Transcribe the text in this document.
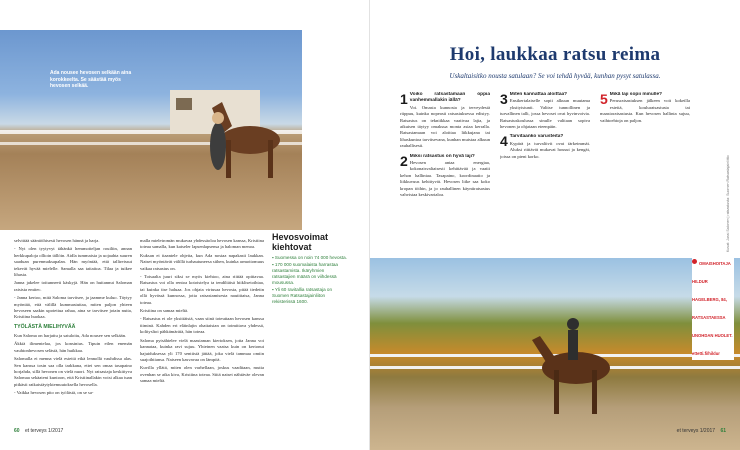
Ada nousee hevosen selkään aina korokkeelta. Se säästää myös hevosen selkää.

selvittää sääntöihisesti hevosen hännä ja harja.

- Nyt olen tyytyvyt tähänkä hemmotteljan rouiliin, annan herkkupaloja ollioin tällöin. Aidla tummaisia ja uojaahta suuren saaduan purenmaksapalan. Hän myöntää, että tallireissut tekevät hyvää mielelle. Samalla saa taitaitoa. Tilaa ja tuikee lihasia.

Janna jakelee toitunneeti käskyjä. Hän on huitannut Saloman raisista emitec.

- Janna kertoo, mitä Saloma tarvitsee, ja jaamme kuluo. Täytyy myöntää, että välillä kummastuttaa, miten paljon yhteen hevoseen saakin upotettua rahaa, aina se tarvitsee jotain nutta, Kristiina huokaa.

TYÖLÄSTÄ MIELIHYVÄÄ

Kun Saloma on harjattu ja satuloitu, Ada nousee sen selkään.

Äkkiä ilimentelaa, jos konsinius. Tipuin eilen enemän vauhtonhevosen selästä, hän huikkaa.

Salomalla ei menna vielä esteitä eikä lennollä vauhdissa alas. Sen kanssa tosin saa olla tarkkana, ettei sen omaa tasapaino horjahda, sillä hevonen on vielä nuori. Nyt ratsastaja keskittyva Salomaa sekäateni kuntoon, että Kristiinallakin voisi alkaa tuan pitkästi ratkaistäytyktemuutoksella hevosella.

- Vaikka hevosen pito on työlästä, on se sa-

malla mieletromän mukavaa yhdessäoloa hevosen kanssa, Kristiina toteaa samalla, kun katseler lapsenlapsensa ja haloman menoa.

Kuksan ei itaantele ohjeita, kun Ada nostaa napakasti laukkan. Naiset myöntävät välillä turhautuneesa siihen, kuinka armottomuus vaikaa ratsastus on.

- Toisaalta juuri siksi se myös kiehtoo, aina riittää opittavaa. Ratsastus voi olla rentoa kotoistelya ta tendiltäisä hiiklisetoihtaa, tai kuinka tise haluaa. Jos ohjata virtusaa hevosta, pitää tiedetin ollä hyvässä kunnossa, jotta ratsastamisesta nautittaisa, Janna toteaa.

Kristiina on samaa mieltä.

- Ratsastus ei ole yksittäistä, vaan siinä toteuttaan hevosen kanssa tiiminä. Kahden eri eläinlajin ohattaisian on toimittava yhdessä, kolitysltoi pähkämäräiä, hän toteaa.

Saloma pytsähtelee vielä maastaman kiertoksen, jotta Janna voi kannataa, kuinka ravi sujuu. Yhteinen vaatsa kuin on kertonut hajuiduksessa yli 170 senttistä jättää, joka vielä tammaa omiin suajoihtiansa. Naiseen kasvavaa on lämpöä.

Kuvilla yllätä, miten olen varhellaan, joskus vaaditaan, mutta ovenhan se aika kiva, Kristiina toteaa. Siitä naiset nähtäväe olevan samaa mieltä.

Hevosvoimat kiehtovat
▪ Suomessa on noin 74 000 hevosta.
▪ 170 000 suomalaista harrastaa ratsastamista. Ikäryhmien ratsastajien määrä on viihdessä mousussa.
▪ Yli 60 ravitallia ratsastaja on Suomen Ratsastajainliiton rekisterissä 1600.
60 et terveys 1/2017
Hoi, laukkaa ratsu reima

Uskaltaisitko nousta satulaan? Se voi tehdä hyvää, kunhan pysyt satulassa.

1 Voiko ratsastamaan oppia vanhemmallakin iällä?
Voi. Omasta kunnosta ja terveydestä riippuu, kuinka nopeasti ratsastuksessa edistyy. Ratsastus on tekniikkaa vaativaa lajia, ja aikuisen täytyy omaksua monta asiaa kerralla. Ratsastamaan voi aloittaa liikkujana tai lihaskuntoa tarvitsevana, kunhan muistaa alkuun rauhallisesti.
2 Miksi ratsastus on hyvä laji?
Hevosen antaa energiaa, kokonaisvaltaisesti kehittävää ja vaatii kehon hallintaa. Tasapaino, koordinaatio ja liikkuvuus kehittyvät. Hevosen liike saa koko kropan töihin, ja jo rauhallinen käyntiratsastus vahvistaa keskivartaloa.
3 Miten kannattaa aloittaa?
Ensikertalaiselle sopii alkuun muutama yksityistunti. Valitse tunnollinen ja turvallinen talli, jossa hevoset ovat hyvinvoivia. Ratsastuskoulussa sinulle valitaan sopiva hevonen ja ohjataan eteenpäin.
4 Tarvitaanko varusteita?
Kypärä ja turvaliivit ovat tärkeimmät. Aluksi riittävät mukavat housut ja kengät, joissa on pieni korko.
5 Mikä laji sopii minulle?
Perusratsastuksen jälkeen voit kokeilla esteitä, kouluratsastusta tai maastoratsastusta. Kun hevosen hallinta sujuu, vaihtoehtoja on paljon.
OMAISHOITAJA HILDUR HAGELBERG, 84, RATSASTAESSA UNOHDAN HUOLET. ettetti.fi/hildur
Kuvat: Jussi Salonen | ratsastusta: Suomen Ratsastajainliitto
et terveys 1/2017 61
